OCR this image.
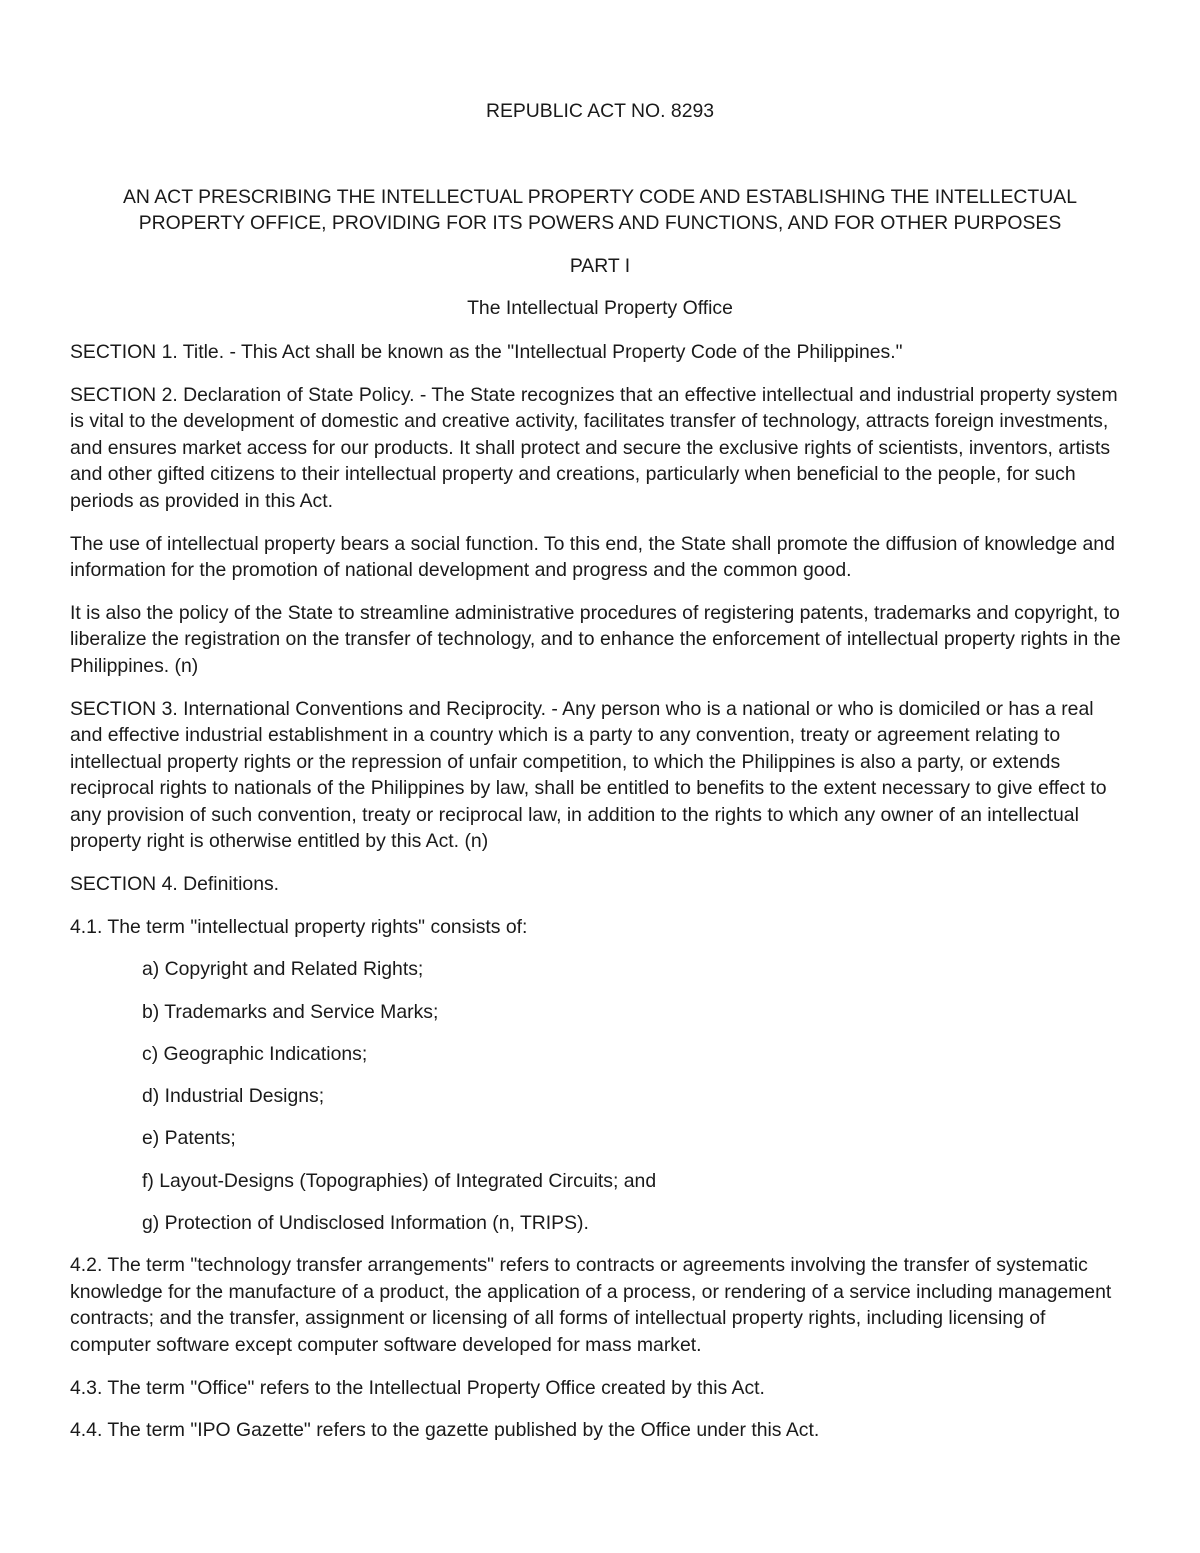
REPUBLIC ACT NO. 8293

AN ACT PRESCRIBING THE INTELLECTUAL PROPERTY CODE AND ESTABLISHING THE INTELLECTUAL PROPERTY OFFICE, PROVIDING FOR ITS POWERS AND FUNCTIONS, AND FOR OTHER PURPOSES

PART I

The Intellectual Property Office

SECTION 1. Title. - This Act shall be known as the "Intellectual Property Code of the Philippines."

SECTION 2. Declaration of State Policy. - The State recognizes that an effective intellectual and industrial property system is vital to the development of domestic and creative activity, facilitates transfer of technology, attracts foreign investments, and ensures market access for our products. It shall protect and secure the exclusive rights of scientists, inventors, artists and other gifted citizens to their intellectual property and creations, particularly when beneficial to the people, for such periods as provided in this Act.

The use of intellectual property bears a social function. To this end, the State shall promote the diffusion of knowledge and information for the promotion of national development and progress and the common good.

It is also the policy of the State to streamline administrative procedures of registering patents, trademarks and copyright, to liberalize the registration on the transfer of technology, and to enhance the enforcement of intellectual property rights in the Philippines. (n)

SECTION 3. International Conventions and Reciprocity. - Any person who is a national or who is domiciled or has a real and effective industrial establishment in a country which is a party to any convention, treaty or agreement relating to intellectual property rights or the repression of unfair competition, to which the Philippines is also a party, or extends reciprocal rights to nationals of the Philippines by law, shall be entitled to benefits to the extent necessary to give effect to any provision of such convention, treaty or reciprocal law, in addition to the rights to which any owner of an intellectual property right is otherwise entitled by this Act. (n)

SECTION 4. Definitions.

4.1. The term "intellectual property rights" consists of:

a) Copyright and Related Rights;

b) Trademarks and Service Marks;

c) Geographic Indications;

d) Industrial Designs;

e) Patents;

f) Layout-Designs (Topographies) of Integrated Circuits; and

g) Protection of Undisclosed Information (n, TRIPS).

4.2. The term "technology transfer arrangements" refers to contracts or agreements involving the transfer of systematic knowledge for the manufacture of a product, the application of a process, or rendering of a service including management contracts; and the transfer, assignment or licensing of all forms of intellectual property rights, including licensing of computer software except computer software developed for mass market.

4.3. The term "Office" refers to the Intellectual Property Office created by this Act.

4.4. The term "IPO Gazette" refers to the gazette published by the Office under this Act.
